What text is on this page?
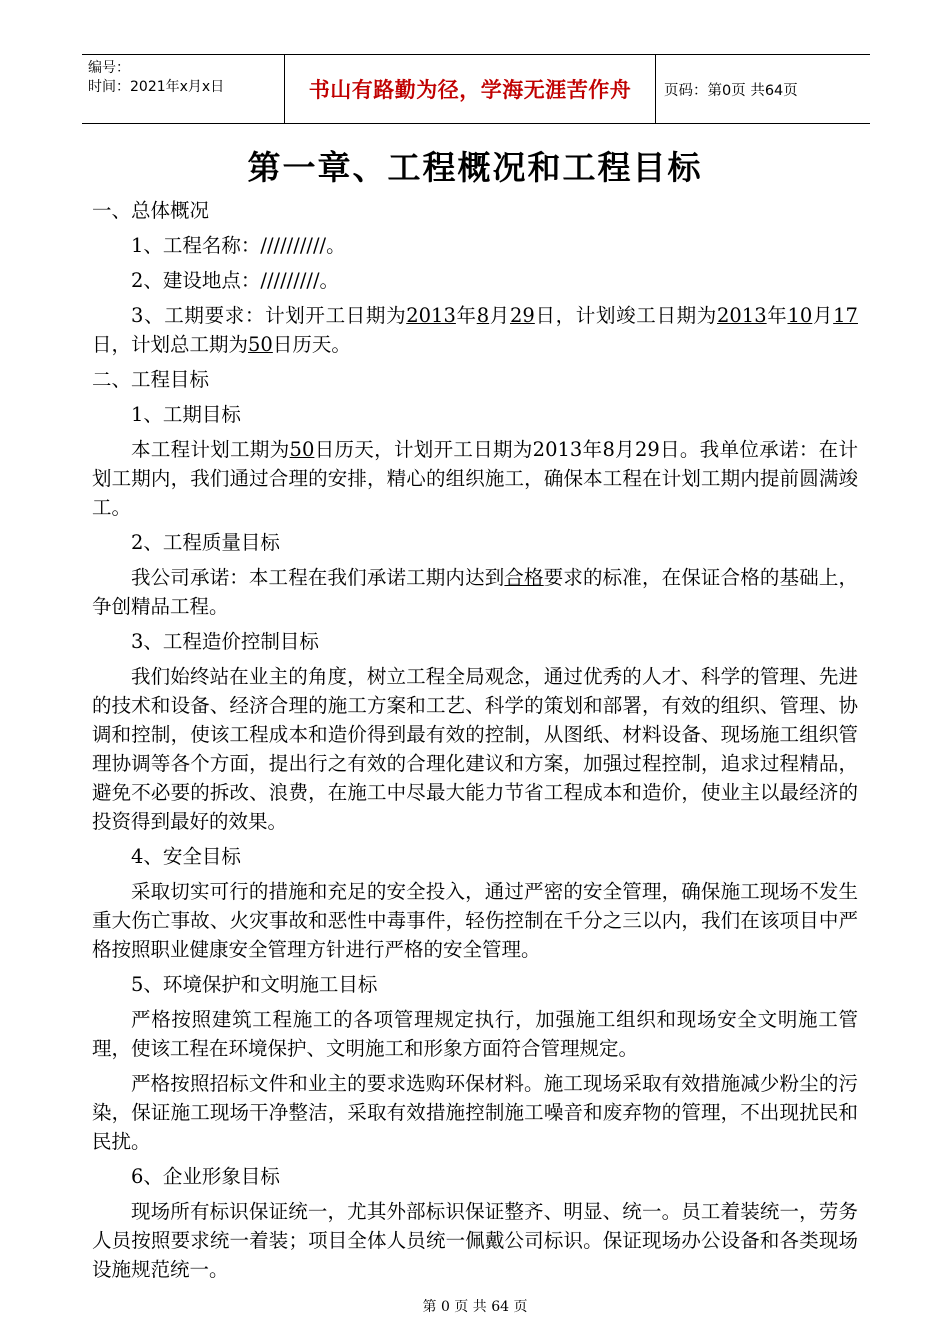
编号：
时间：2021年x月x日	书山有路勤为径，学海无涯苦作舟	页码：第0页 共64页
第一章、工程概况和工程目标

一、总体概况

1、工程名称：//////////。

2、建设地点：/////////。

3、工期要求：计划开工日期为2013年8月29日，计划竣工日期为2013年10月17日，计划总工期为50日历天。

二、工程目标

1、工期目标

本工程计划工期为50日历天，计划开工日期为2013年8月29日。我单位承诺：在计划工期内，我们通过合理的安排，精心的组织施工，确保本工程在计划工期内提前圆满竣工。

2、工程质量目标

我公司承诺：本工程在我们承诺工期内达到合格要求的标准，在保证合格的基础上，争创精品工程。

3、工程造价控制目标

我们始终站在业主的角度，树立工程全局观念，通过优秀的人才、科学的管理、先进的技术和设备、经济合理的施工方案和工艺、科学的策划和部署，有效的组织、管理、协调和控制，使该工程成本和造价得到最有效的控制，从图纸、材料设备、现场施工组织管理协调等各个方面，提出行之有效的合理化建议和方案，加强过程控制，追求过程精品，避免不必要的拆改、浪费，在施工中尽最大能力节省工程成本和造价，使业主以最经济的投资得到最好的效果。

4、安全目标

采取切实可行的措施和充足的安全投入，通过严密的安全管理，确保施工现场不发生重大伤亡事故、火灾事故和恶性中毒事件，轻伤控制在千分之三以内，我们在该项目中严格按照职业健康安全管理方针进行严格的安全管理。

5、环境保护和文明施工目标

严格按照建筑工程施工的各项管理规定执行，加强施工组织和现场安全文明施工管理，使该工程在环境保护、文明施工和形象方面符合管理规定。

严格按照招标文件和业主的要求选购环保材料。施工现场采取有效措施减少粉尘的污染，保证施工现场干净整洁，采取有效措施控制施工噪音和废弃物的管理，不出现扰民和民扰。

6、企业形象目标

现场所有标识保证统一，尤其外部标识保证整齐、明显、统一。员工着装统一，劳务人员按照要求统一着装；项目全体人员统一佩戴公司标识。保证现场办公设备和各类现场设施规范统一。

第 0 页 共 64 页
